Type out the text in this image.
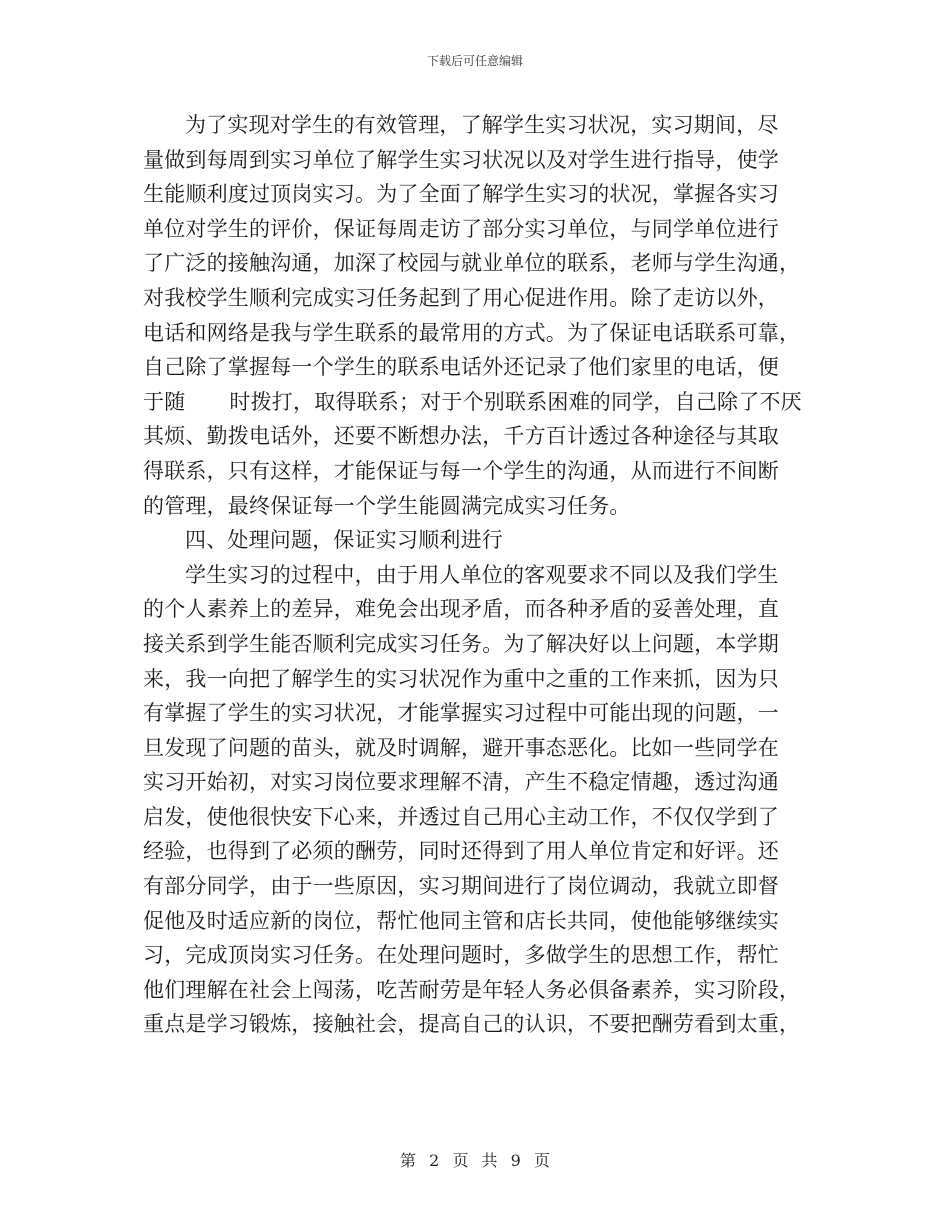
下载后可任意编辑
为了实现对学生的有效管理，了解学生实习状况，实习期间，尽
量做到每周到实习单位了解学生实习状况以及对学生进行指导，使学
生能顺利度过顶岗实习。为了全面了解学生实习的状况，掌握各实习
单位对学生的评价，保证每周走访了部分实习单位，与同学单位进行
了广泛的接触沟通，加深了校园与就业单位的联系，老师与学生沟通，
对我校学生顺利完成实习任务起到了用心促进作用。除了走访以外，
电话和网络是我与学生联系的最常用的方式。为了保证电话联系可靠，
自己除了掌握每一个学生的联系电话外还记录了他们家里的电话，便
于随 时拨打，取得联系；对于个别联系困难的同学，自己除了不厌
其烦、勤拨电话外，还要不断想办法，千方百计透过各种途径与其取
得联系，只有这样，才能保证与每一个学生的沟通，从而进行不间断
的管理，最终保证每一个学生能圆满完成实习任务。
四、处理问题，保证实习顺利进行
学生实习的过程中，由于用人单位的客观要求不同以及我们学生
的个人素养上的差异，难免会出现矛盾，而各种矛盾的妥善处理，直
接关系到学生能否顺利完成实习任务。为了解决好以上问题，本学期
来，我一向把了解学生的实习状况作为重中之重的工作来抓，因为只
有掌握了学生的实习状况，才能掌握实习过程中可能出现的问题，一
旦发现了问题的苗头，就及时调解，避开事态恶化。比如一些同学在
实习开始初，对实习岗位要求理解不清，产生不稳定情趣，透过沟通
启发，使他很快安下心来，并透过自己用心主动工作，不仅仅学到了
经验，也得到了必须的酬劳，同时还得到了用人单位肯定和好评。还
有部分同学，由于一些原因，实习期间进行了岗位调动，我就立即督
促他及时适应新的岗位，帮忙他同主管和店长共同，使他能够继续实
习，完成顶岗实习任务。在处理问题时，多做学生的思想工作，帮忙
他们理解在社会上闯荡，吃苦耐劳是年轻人务必俱备素养，实习阶段，
重点是学习锻炼，接触社会，提高自己的认识，不要把酬劳看到太重，
第 2 页 共 9 页
